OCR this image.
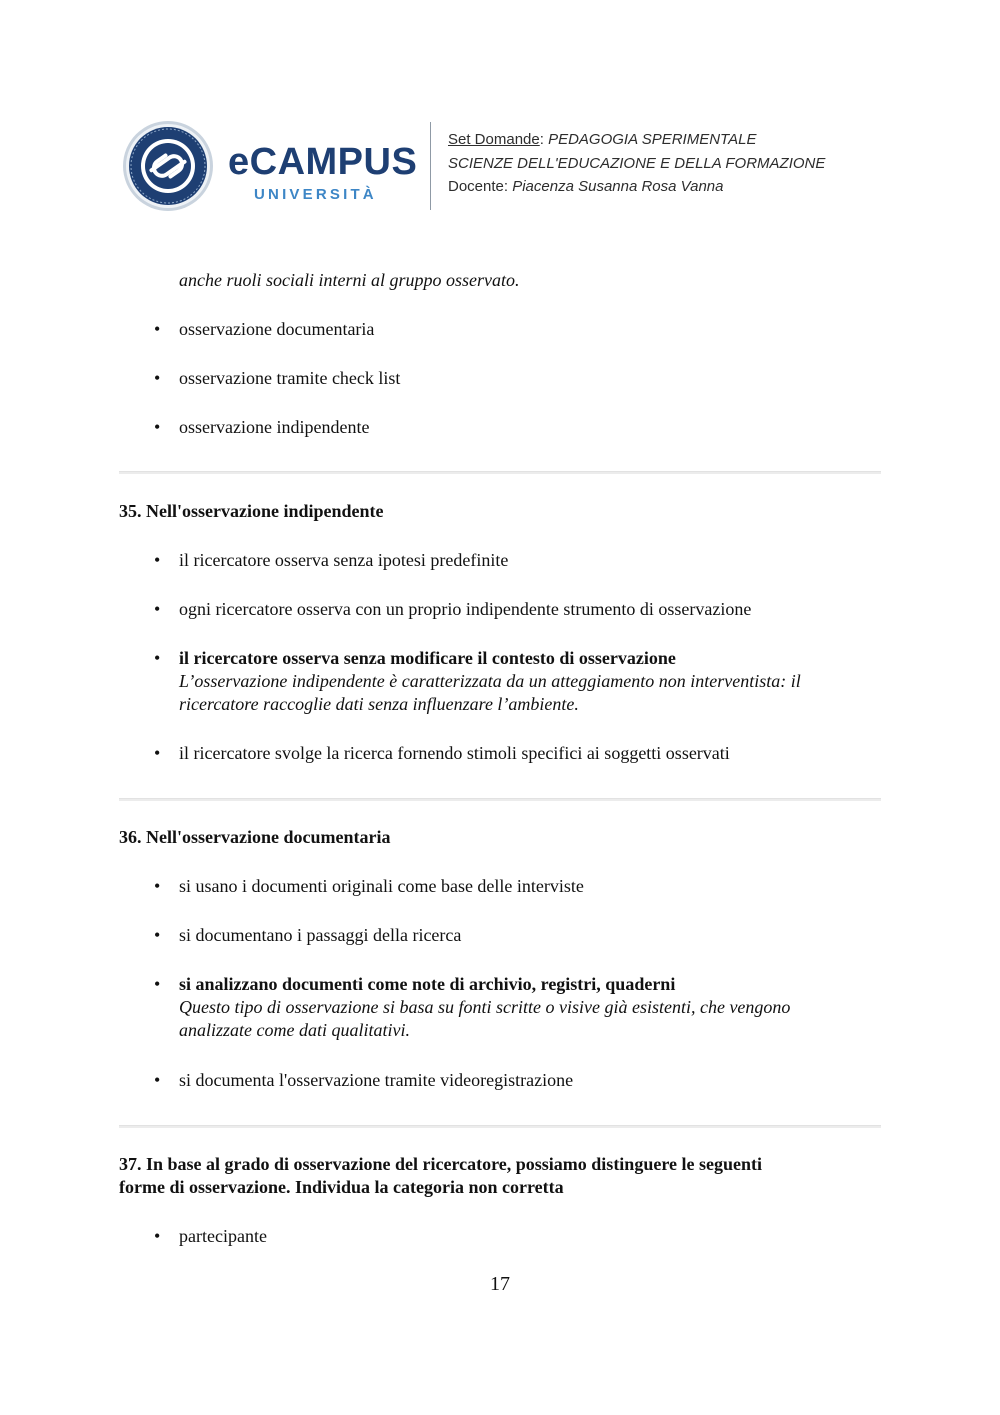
eCAMPUS
UNIVERSITÀ
Set Domande: PEDAGOGIA SPERIMENTALE
SCIENZE DELL'EDUCAZIONE E DELLA FORMAZIONE
Docente: Piacenza Susanna Rosa Vanna
anche ruoli sociali interni al gruppo osservato.
• osservazione documentaria
• osservazione tramite check list
• osservazione indipendente
35. Nell'osservazione indipendente
• il ricercatore osserva senza ipotesi predefinite
• ogni ricercatore osserva con un proprio indipendente strumento di osservazione
• il ricercatore osserva senza modificare il contesto di osservazione
L’osservazione indipendente è caratterizzata da un atteggiamento non interventista: il
ricercatore raccoglie dati senza influenzare l’ambiente.
• il ricercatore svolge la ricerca fornendo stimoli specifici ai soggetti osservati
36. Nell'osservazione documentaria
• si usano i documenti originali come base delle interviste
• si documentano i passaggi della ricerca
• si analizzano documenti come note di archivio, registri, quaderni
Questo tipo di osservazione si basa su fonti scritte o visive già esistenti, che vengono
analizzate come dati qualitativi.
• si documenta l'osservazione tramite videoregistrazione
37. In base al grado di osservazione del ricercatore, possiamo distinguere le seguenti
forme di osservazione. Individua la categoria non corretta
• partecipante
17
